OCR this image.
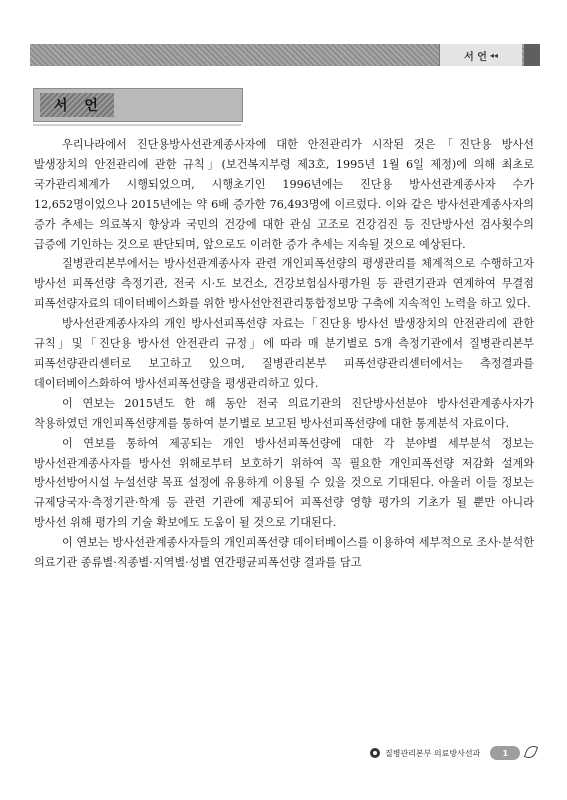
서 언 ◂◂
서 언

우리나라에서 진단용방사선관계종사자에 대한 안전관리가 시작된 것은「진단용 방사선 발생장치의 안전관리에 관한 규칙」(보건복지부령 제3호, 1995년 1월 6일 제정)에 의해 최초로 국가관리체계가 시행되었으며, 시행초기인 1996년에는 진단용 방사선관계종사자 수가 12,652명이었으나 2015년에는 약 6배 증가한 76,493명에 이르렀다. 이와 같은 방사선관계종사자의 증가 추세는 의료복지 향상과 국민의 건강에 대한 관심 고조로 건강검진 등 진단방사선 검사횟수의 급증에 기인하는 것으로 판단되며, 앞으로도 이러한 증가 추세는 지속될 것으로 예상된다.

질병관리본부에서는 방사선관계종사자 관련 개인피폭선량의 평생관리를 체계적으로 수행하고자 방사선 피폭선량 측정기관, 전국 시·도 보건소, 건강보험심사평가원 등 관련기관과 연계하여 무결점 피폭선량자료의 데이터베이스화를 위한 방사선안전관리통합정보망 구축에 지속적인 노력을 하고 있다.

방사선관계종사자의 개인 방사선피폭선량 자료는「진단용 방사선 발생장치의 안전관리에 관한 규칙」및「진단용 방사선 안전관리 규정」에 따라 매 분기별로 5개 측정기관에서 질병관리본부 피폭선량관리센터로 보고하고 있으며, 질병관리본부 피폭선량관리센터에서는 측정결과를 데이터베이스화하여 방사선피폭선량을 평생관리하고 있다.

이 연보는 2015년도 한 해 동안 전국 의료기관의 진단방사선분야 방사선관계종사자가 착용하였던 개인피폭선량계를 통하여 분기별로 보고된 방사선피폭선량에 대한 통계분석 자료이다.

이 연보를 통하여 제공되는 개인 방사선피폭선량에 대한 각 분야별 세부분석 정보는 방사선관계종사자를 방사선 위해로부터 보호하기 위하여 꼭 필요한 개인피폭선량 저감화 설계와 방사선방어시설 누설선량 목표 설정에 유용하게 이용될 수 있을 것으로 기대된다. 아울러 이들 정보는 규제당국자·측정기관·학계 등 관련 기관에 제공되어 피폭선량 영향 평가의 기초가 될 뿐만 아니라 방사선 위해 평가의 기술 확보에도 도움이 될 것으로 기대된다.

이 연보는 방사선관계종사자들의 개인피폭선량 데이터베이스를 이용하여 세부적으로 조사·분석한 의료기관 종류별·직종별·지역별·성별 연간평균피폭선량 결과를 담고

질병관리본부 의료방사선과	1
